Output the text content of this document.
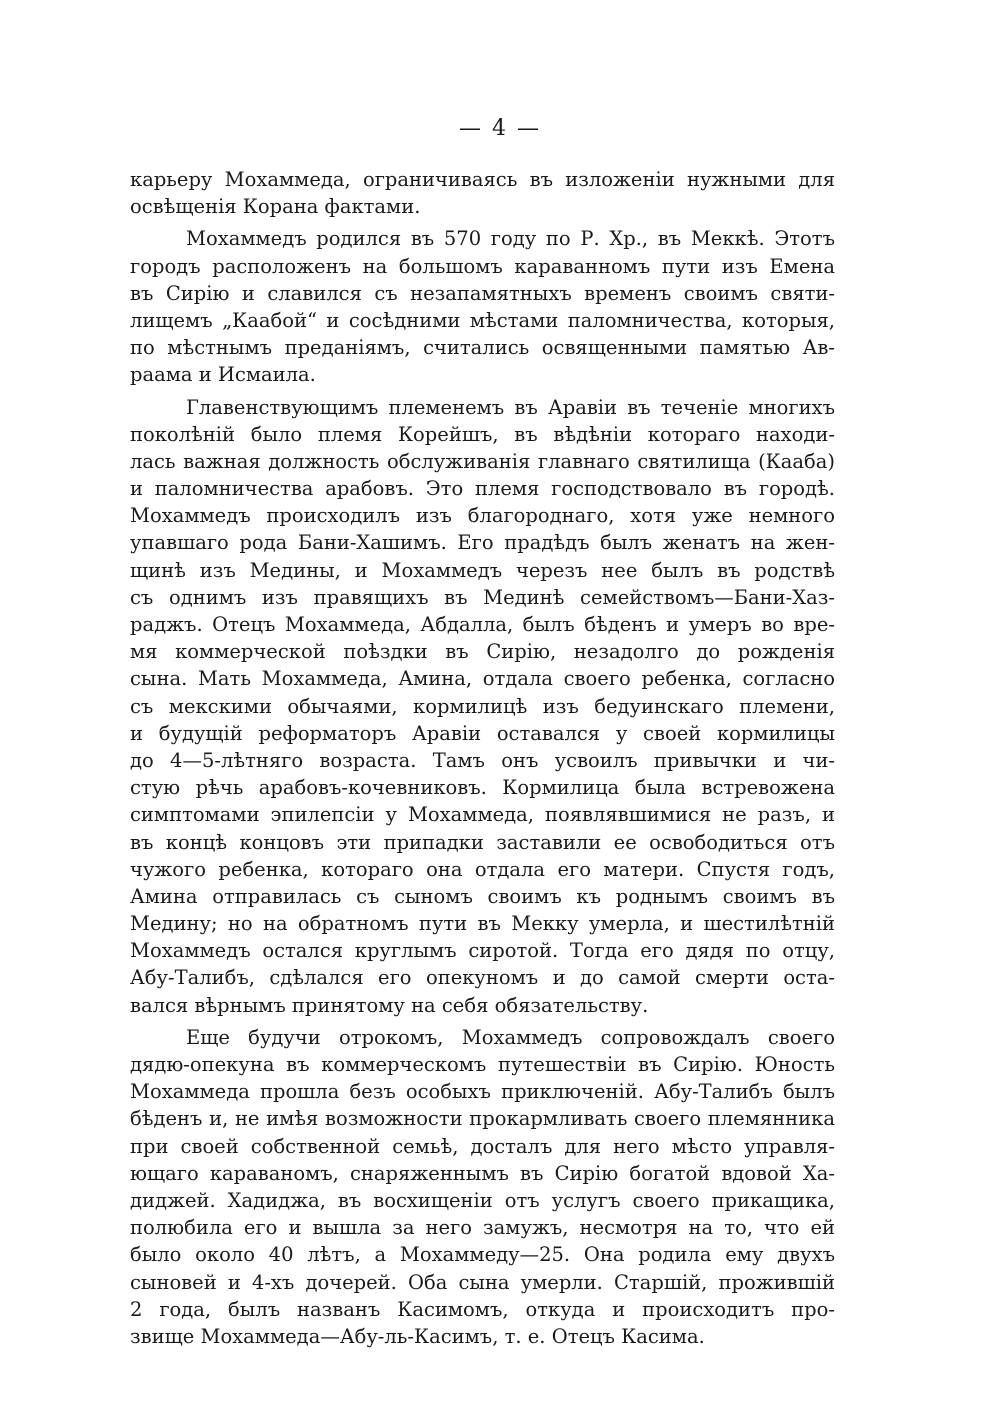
— 4 —
карьеру Мохаммеда, ограничиваясь въ изложенiи нужными для
освѣщенiя Корана фактами.
Мохаммедъ родился въ 570 году по Р. Хр., въ Меккѣ. Этотъ
городъ расположенъ на большомъ караванномъ пути изъ Емена
въ Сирiю и славился съ незапамятныхъ временъ своимъ святи-
лищемъ „Каабой“ и сосѣдними мѣстами паломничества, которыя,
по мѣстнымъ преданiямъ, считались освященными памятью Ав-
раама и Исмаила.
Главенствующимъ племенемъ въ Аравiи въ теченiе многихъ
поколѣнiй было племя Корейшъ, въ вѣдѣнiи котораго находи-
лась важная должность обслуживанiя главнаго святилища (Кааба)
и паломничества арабовъ. Это племя господствовало въ городѣ.
Мохаммедъ происходилъ изъ благороднаго, хотя уже немного
упавшаго рода Бани-Хашимъ. Его прадѣдъ былъ женатъ на жен-
щинѣ изъ Медины, и Мохаммедъ черезъ нее былъ въ родствѣ
съ однимъ изъ правящихъ въ Мединѣ семействомъ—Бани-Хаз-
раджъ. Отецъ Мохаммеда, Абдалла, былъ бѣденъ и умеръ во вре-
мя коммерческой поѣздки въ Сирiю, незадолго до рожденiя
сына. Мать Мохаммеда, Амина, отдала своего ребенка, согласно
съ мекскими обычаями, кормилицѣ изъ бедуинскаго племени,
и будущiй реформаторъ Аравiи оставался у своей кормилицы
до 4—5-лѣтняго возраста. Тамъ онъ усвоилъ привычки и чи-
стую рѣчь арабовъ-кочевниковъ. Кормилица была встревожена
симптомами эпилепсiи у Мохаммеда, появлявшимися не разъ, и
въ концѣ концовъ эти припадки заставили ее освободиться отъ
чужого ребенка, котораго она отдала его матери. Спустя годъ,
Амина отправилась съ сыномъ своимъ къ роднымъ своимъ въ
Медину; но на обратномъ пути въ Мекку умерла, и шестилѣтнiй
Мохаммедъ остался круглымъ сиротой. Тогда его дядя по отцу,
Абу-Талибъ, сдѣлался его опекуномъ и до самой смерти оста-
вался вѣрнымъ принятому на себя обязательству.
Еще будучи отрокомъ, Мохаммедъ сопровождалъ своего
дядю-опекуна въ коммерческомъ путешествiи въ Сирiю. Юность
Мохаммеда прошла безъ особыхъ приключенiй. Абу-Талибъ былъ
бѣденъ и, не имѣя возможности прокармливать своего племянника
при своей собственной семьѣ, досталъ для него мѣсто управля-
ющаго караваномъ, снаряженнымъ въ Сирiю богатой вдовой Ха-
диджей. Хадиджа, въ восхищенiи отъ услугъ своего прикащика,
полюбила его и вышла за него замужъ, несмотря на то, что ей
было около 40 лѣтъ, а Мохаммеду—25. Она родила ему двухъ
сыновей и 4-хъ дочерей. Оба сына умерли. Старшiй, прожившiй
2 года, былъ названъ Касимомъ, откуда и происходитъ про-
звище Мохаммеда—Абу-ль-Касимъ, т. е. Отецъ Касима.
